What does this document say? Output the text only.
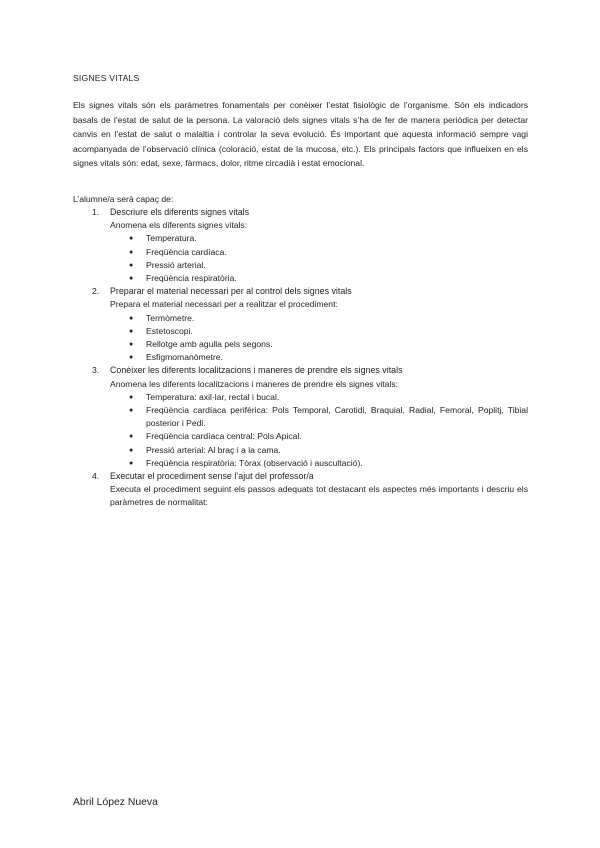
SIGNES VITALS

Els signes vitals són els paràmetres fonamentals per conèixer l’estat fisiològic de l’organisme. Són els indicadors basals de l’estat de salut de la persona. La valoració dels signes vitals s’ha de fer de manera periòdica per detectar canvis en l’estat de salut o malaltia i controlar la seva evolució. És important que aquesta informació sempre vagi acompanyada de l’observació clínica (coloració, estat de la mucosa, etc.). Els principals factors que influeixen en els signes vitals són: edat, sexe, fàrmacs, dolor, ritme circadià i estat emocional.

L’alumne/a serà capaç de:
1. Descriure els diferents signes vitals
Anomena els diferents signes vitals:
● Temperatura.
● Freqüència cardíaca.
● Pressió arterial.
● Freqüència respiratòria.
2. Preparar el material necessari per al control dels signes vitals
Prepara el material necessari per a realitzar el procediment:
● Termòmetre.
● Estetoscopi.
● Rellotge amb agulla pels segons.
● Esfigmomanòmetre.
3. Conèixer les diferents localitzacions i maneres de prendre els signes vitals
Anomena les diferents localitzacions i maneres de prendre els signes vitals:
● Temperatura: axil·lar, rectal i bucal.
● Freqüència cardíaca perifèrica: Pols Temporal, Carotidi, Braquial, Radial, Femoral, Poplitj, Tibial posterior i Pedi.
● Freqüència cardíaca central: Pols Apical.
● Pressió arterial: Al braç i a la cama.
● Freqüència respiratòria: Tòrax (observació i auscultació).
4. Executar el procediment sense l’ajut del professor/a
Executa el procediment seguint els passos adequats tot destacant els aspectes més importants i descriu els paràmetres de normalitat:
Abril López Nueva
